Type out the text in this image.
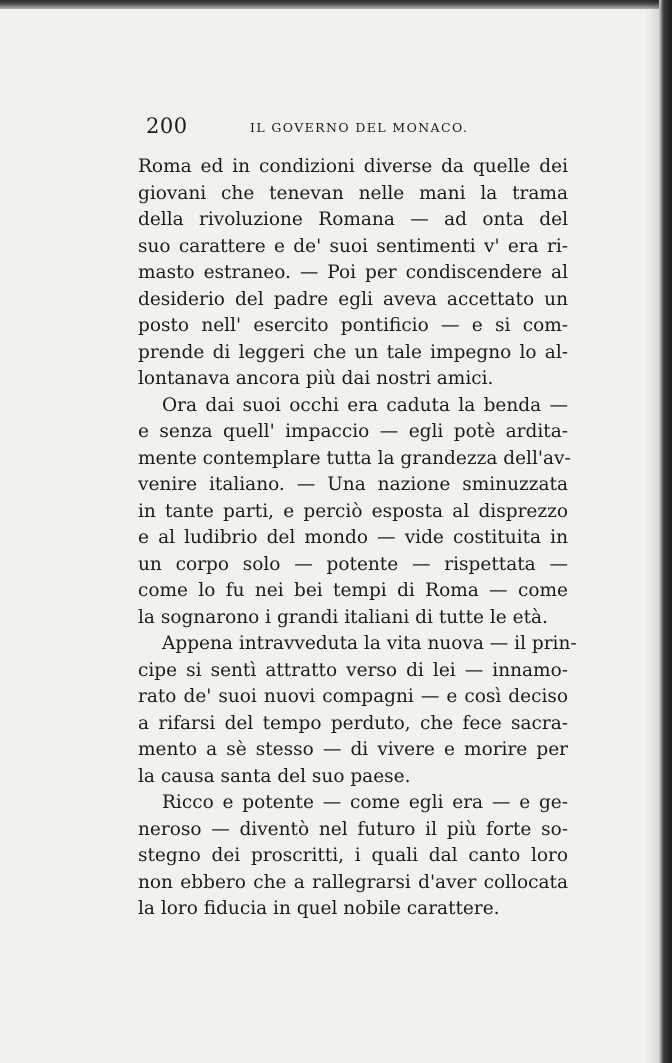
200	IL GOVERNO DEL MONACO.
Roma ed in condizioni diverse da quelle dei
giovani che tenevan nelle mani la trama
della rivoluzione Romana — ad onta del
suo carattere e de' suoi sentimenti v' era ri-
masto estraneo. — Poi per condiscendere al
desiderio del padre egli aveva accettato un
posto nell' esercito pontificio — e si com-
prende di leggeri che un tale impegno lo al-
lontanava ancora più dai nostri amici.
Ora dai suoi occhi era caduta la benda —
e senza quell' impaccio — egli potè ardita-
mente contemplare tutta la grandezza dell'av-
venire italiano. — Una nazione sminuzzata
in tante parti, e perciò esposta al disprezzo
e al ludibrio del mondo — vide costituita in
un corpo solo — potente — rispettata —
come lo fu nei bei tempi di Roma — come
la sognarono i grandi italiani di tutte le età.
Appena intravveduta la vita nuova — il prin-
cipe si sentì attratto verso di lei — innamo-
rato de' suoi nuovi compagni — e così deciso
a rifarsi del tempo perduto, che fece sacra-
mento a sè stesso — di vivere e morire per
la causa santa del suo paese.
Ricco e potente — come egli era — e ge-
neroso — diventò nel futuro il più forte so-
stegno dei proscritti, i quali dal canto loro
non ebbero che a rallegrarsi d'aver collocata
la loro fiducia in quel nobile carattere.
